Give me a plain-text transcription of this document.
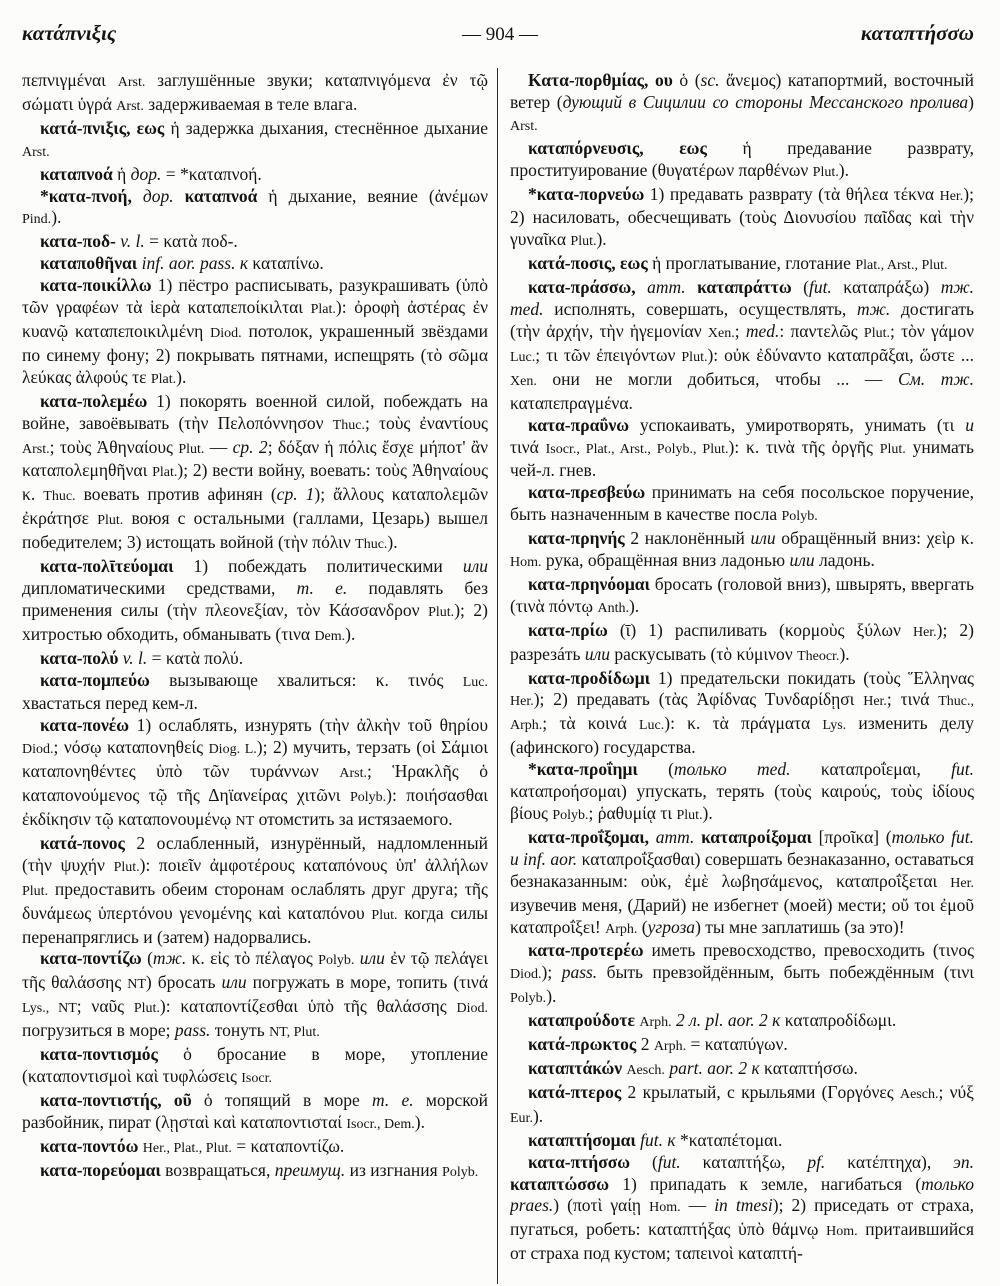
κατάπνιξις	— 904 —	καταπτήσσω

πεπνιγμέναι Arst. заглушённые звуки; καταπνιγόμενα ἐν τῷ σώματι ὑγρά Arst. задерживаемая в теле влага.

κατά-πνιξις, εως ἡ задержка дыхания, стеснённое дыхание Arst.

καταπνοά ἡ дор. = *καταπνοή.

*κατα-πνοή, дор. καταπνοά ἡ дыхание, веяние (ἀνέμων Pind.).

κατα-ποδ- v. l. = κατὰ ποδ-.

καταποθῆναι inf. aor. pass. к καταπίνω.

κατα-ποικίλλω 1) пёстро расписывать, разукрашивать (ὑπὸ τῶν γραφέων τὰ ἱερὰ καταπεποίκιλται Plat.): ὀροφὴ ἀστέρας ἐν κυανῷ καταπεποικιλμένη Diod. потолок, украшенный звёздами по синему фону; 2) покрывать пятнами, испещрять (τὸ σῶμα λεύκας ἀλφούς τε Plat.).

κατα-πολεμέω 1) покорять военной силой, побеждать на войне, завоёвывать (τὴν Πελοπόννησον Thuc.; τοὺς ἐναντίους Arst.; τοὺς Ἀθηναίους Plut. — ср. 2; δόξαν ἡ πόλις ἔσχε μήποτ' ἂν καταπολεμηθῆναι Plat.); 2) вести войну, воевать: τοὺς Ἀθηναίους κ. Thuc. воевать против афинян (ср. 1); ἄλλους καταπολεμῶν ἐκράτησε Plut. воюя с остальными (галлами, Цезарь) вышел победителем; 3) истощать войной (τὴν πόλιν Thuc.).

κατα-πολῑτεύομαι 1) побеждать политическими или дипломатическими средствами, т. е. подавлять без применения силы (τὴν πλεονεξίαν, τὸν Κάσσανδρον Plut.); 2) хитростью обходить, обманывать (τινα Dem.).

κατα-πολύ v. l. = κατὰ πολύ.

κατα-πομπεύω вызывающе хвалиться: κ. τινός Luc. хвастаться перед кем-л.

κατα-πονέω 1) ослаблять, изнурять (τὴν ἀλκὴν τοῦ θηρίου Diod.; νόσῳ καταπονηθείς Diog. L.); 2) мучить, терзать (οἱ Σάμιοι καταπονηθέντες ὑπὸ τῶν τυράννων Arst.; Ἡρακλῆς ὁ καταπονούμενος τῷ τῆς Δηϊανείρας χιτῶνι Polyb.): ποιήσασθαι ἐκδίκησιν τῷ καταπονουμένῳ NT отомстить за истязаемого.

κατά-πονος 2 ослабленный, изнурённый, надломленный (τὴν ψυχήν Plut.): ποιεῖν ἀμφοτέρους καταπόνους ὑπ' ἀλλήλων Plut. предоставить обеим сторонам ослаблять друг друга; τῆς δυνάμεως ὑπερτόνου γενομένης καὶ καταπόνου Plut. когда силы перенапряглись и (затем) надорвались.

κατα-ποντίζω (тж. κ. εἰς τὸ πέλαγος Polyb. или ἐν τῷ πελάγει τῆς θαλάσσης NT) бросать или погружать в море, топить (τινά Lys., NT; ναῦς Plut.): καταποντίζεσθαι ὑπὸ τῆς θαλάσσης Diod. погрузиться в море; pass. тонуть NT, Plut.

κατα-ποντισμός ὁ бросание в море, утопление (καταποντισμοὶ καὶ τυφλώσεις Isocr.

κατα-ποντιστής, οῦ ὁ топящий в море т. е. морской разбойник, пират (λῃσταὶ καὶ καταποντισταί Isocr., Dem.).

κατα-ποντόω Her., Plat., Plut. = καταποντίζω.

κατα-πορεύομαι возвращаться, преимущ. из изгнания Polyb.

Κατα-πορθμίας, ου ὁ (sc. ἄνεμος) катапортмий, восточный ветер (дующий в Сицилии со стороны Мессанского пролива) Arst.

καταπόρνευσις, εως ἡ предавание разврату, проституирование (θυγατέρων παρθένων Plut.).

*κατα-πορνεύω 1) предавать разврату (τὰ θήλεα τέκνα Her.); 2) насиловать, обесчещивать (τοὺς Διονυσίου παῖδας καὶ τὴν γυναῖκα Plut.).

κατά-ποσις, εως ἡ проглатывание, глотание Plat., Arst., Plut.

κατα-πράσσω, атт. καταπράττω (fut. καταπράξω) тж. med. исполнять, совершать, осуществлять, тж. достигать (τὴν ἀρχήν, τὴν ἡγεμονίαν Xen.; med.: παντελῶς Plut.; τὸν γάμον Luc.; τι τῶν ἐπειγόντων Plut.): οὐκ ἐδύναντο καταπρᾶξαι, ὥστε ... Xen. они не могли добиться, чтобы ... — См. тж. καταπεπραγμένα.

κατα-πραΰνω успокаивать, умиротворять, унимать (τι и τινά Isocr., Plat., Arst., Polyb., Plut.): κ. τινὰ τῆς ὀργῆς Plut. унимать чей-л. гнев.

κατα-πρεσβεύω принимать на себя посольское поручение, быть назначенным в качестве посла Polyb.

κατα-πρηνής 2 наклонённый или обращённый вниз: χεὶρ κ. Hom. рука, обращённая вниз ладонью или ладонь.

κατα-πρηνόομαι бросать (головой вниз), швырять, ввергать (τινὰ πόντῳ Anth.).

κατα-πρίω (ῑ) 1) распиливать (κορμοὺς ξύλων Her.); 2) разрезáть или раскусывать (τὸ κύμινον Theocr.).

κατα-προδίδωμι 1) предательски покидать (τοὺς Ἕλληνας Her.); 2) предавать (τὰς Ἀφίδνας Τυνδαρίδῃσι Her.; τινά Thuc., Arph.; τὰ κοινά Luc.): κ. τὰ πράγματα Lys. изменить делу (афинского) государства.

*κατα-προΐημι (только med. καταπροΐεμαι, fut. καταπροήσομαι) упускать, терять (τοὺς καιρούς, τοὺς ἰδίους βίους Polyb.; ῥαθυμίᾳ τι Plut.).

κατα-προΐξομαι, атт. καταπροίξομαι [προῖκα] (только fut. и inf. aor. καταπροΐξασθαι) совершать безнаказанно, оставаться безнаказанным: οὐκ, ἐμὲ λωβησάμενος, καταπροΐξεται Her. изувечив меня, (Дарий) не избегнет (моей) мести; οὔ τοι ἐμοῦ καταπροΐξει! Arph. (угроза) ты мне заплатишь (за это)!

κατα-προτερέω иметь превосходство, превосходить (τινος Diod.); pass. быть превзойдённым, быть побеждённым (τινι Polyb.).

καταπρούδοτε Arph. 2 л. pl. aor. 2 к καταπροδίδωμι.

κατά-πρωκτος 2 Arph. = καταπύγων.

καταπτάκών Aesch. part. aor. 2 к καταπτήσσω.

κατά-πτερος 2 крылатый, с крыльями (Γοργόνες Aesch.; νύξ Eur.).

καταπτήσομαι fut. к *καταπέτομαι.

κατα-πτήσσω (fut. καταπτήξω, pf. κατέπτηχα), эп. καταπτώσσω 1) припадать к земле, нагибаться (только praes.) (ποτὶ γαίῃ Hom. — in tmesi); 2) приседать от страха, пугаться, робеть: καταπτήξας ὑπὸ θάμνῳ Hom. притаившийся от страха под кустом; ταπεινοὶ καταπτή-
